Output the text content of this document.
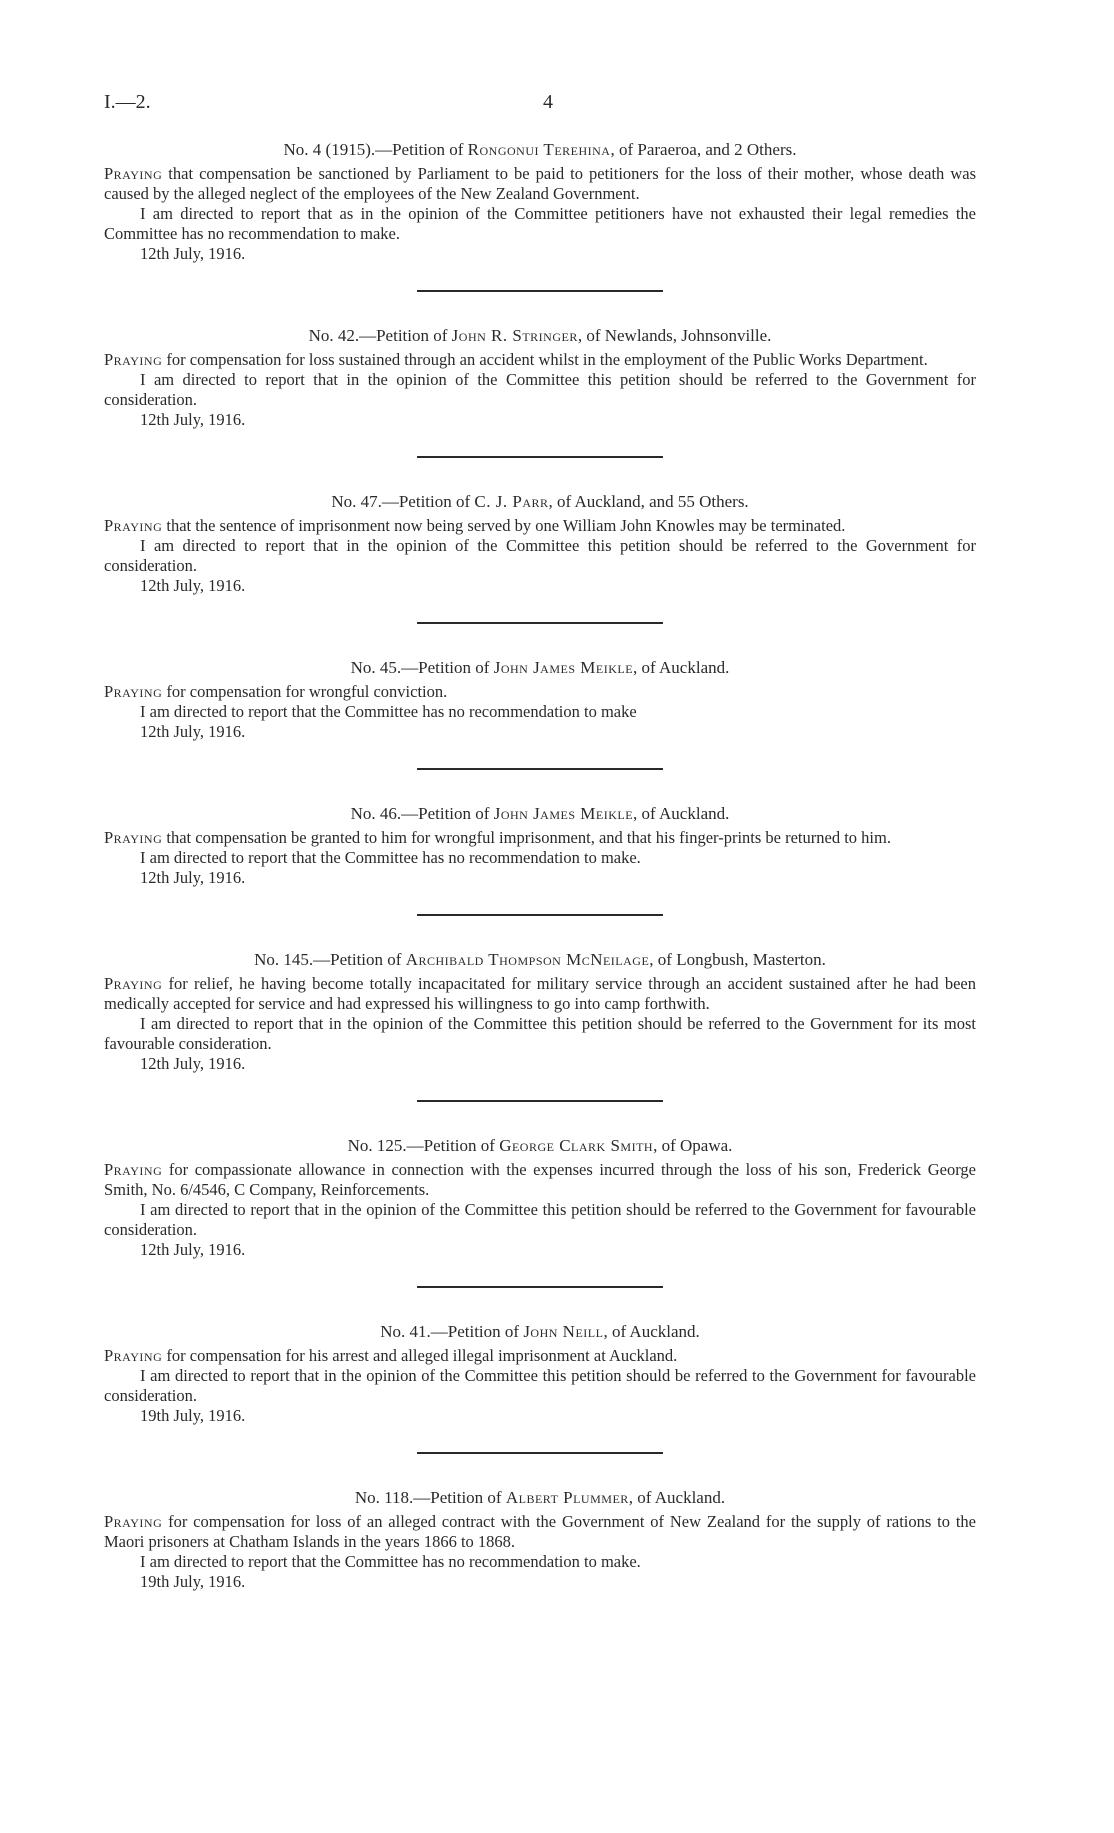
I.—2.	4
No. 4 (1915).—Petition of Rongonui Terehina, of Paraeroa, and 2 Others.

Praying that compensation be sanctioned by Parliament to be paid to petitioners for the loss of their mother, whose death was caused by the alleged neglect of the employees of the New Zealand Government.

I am directed to report that as in the opinion of the Committee petitioners have not exhausted their legal remedies the Committee has no recommendation to make.

12th July, 1916.
No. 42.—Petition of John R. Stringer, of Newlands, Johnsonville.

Praying for compensation for loss sustained through an accident whilst in the employment of the Public Works Department.

I am directed to report that in the opinion of the Committee this petition should be referred to the Government for consideration.

12th July, 1916.
No. 47.—Petition of C. J. Parr, of Auckland, and 55 Others.

Praying that the sentence of imprisonment now being served by one William John Knowles may be terminated.

I am directed to report that in the opinion of the Committee this petition should be referred to the Government for consideration.

12th July, 1916.
No. 45.—Petition of John James Meikle, of Auckland.

Praying for compensation for wrongful conviction.

I am directed to report that the Committee has no recommendation to make

12th July, 1916.
No. 46.—Petition of John James Meikle, of Auckland.

Praying that compensation be granted to him for wrongful imprisonment, and that his finger-prints be returned to him.

I am directed to report that the Committee has no recommendation to make.

12th July, 1916.
No. 145.—Petition of Archibald Thompson McNeilage, of Longbush, Masterton.

Praying for relief, he having become totally incapacitated for military service through an accident sustained after he had been medically accepted for service and had expressed his willingness to go into camp forthwith.

I am directed to report that in the opinion of the Committee this petition should be referred to the Government for its most favourable consideration.

12th July, 1916.
No. 125.—Petition of George Clark Smith, of Opawa.

Praying for compassionate allowance in connection with the expenses incurred through the loss of his son, Frederick George Smith, No. 6/4546, C Company, Reinforcements.

I am directed to report that in the opinion of the Committee this petition should be referred to the Government for favourable consideration.

12th July, 1916.
No. 41.—Petition of John Neill, of Auckland.

Praying for compensation for his arrest and alleged illegal imprisonment at Auckland.

I am directed to report that in the opinion of the Committee this petition should be referred to the Government for favourable consideration.

19th July, 1916.
No. 118.—Petition of Albert Plummer, of Auckland.

Praying for compensation for loss of an alleged contract with the Government of New Zealand for the supply of rations to the Maori prisoners at Chatham Islands in the years 1866 to 1868.

I am directed to report that the Committee has no recommendation to make.

19th July, 1916.
